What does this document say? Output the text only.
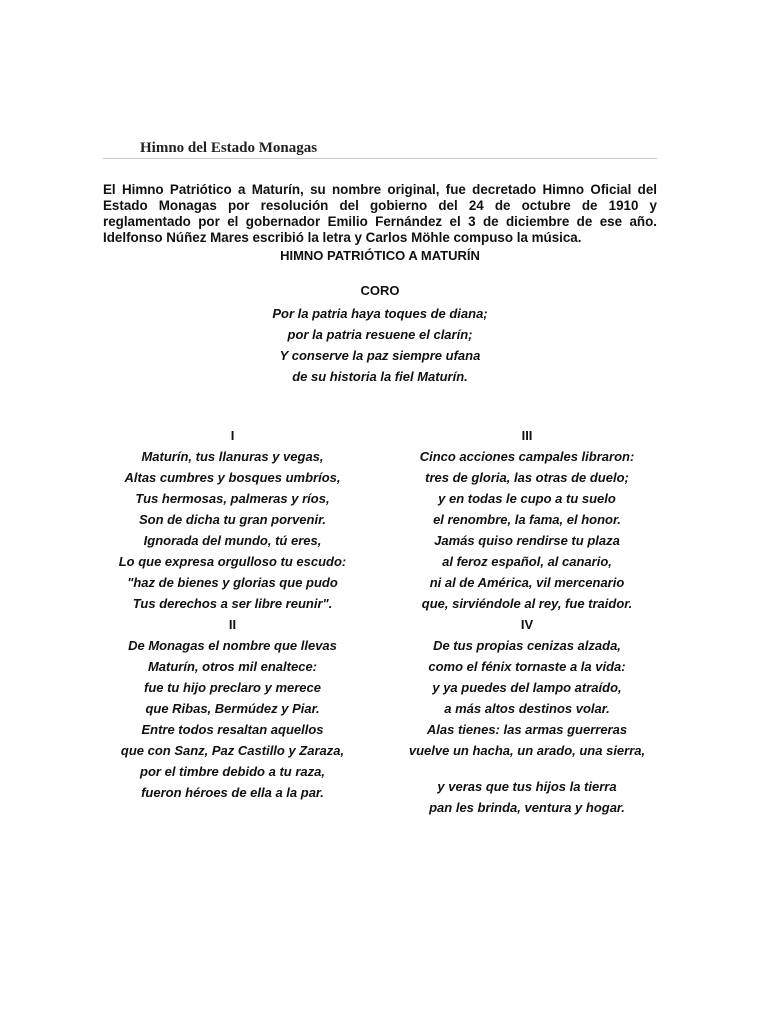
Himno del Estado Monagas

El Himno Patriótico a Maturín, su nombre original, fue decretado Himno Oficial del Estado Monagas por resolución del gobierno del 24 de octubre de 1910 y reglamentado por el gobernador Emilio Fernández el 3 de diciembre de ese año. Idelfonso Núñez Mares escribió la letra y Carlos Möhle compuso la música.

HIMNO PATRIÓTICO A MATURÍN
CORO
Por la patria haya toques de diana;
por la patria resuene el clarín;
Y conserve la paz siempre ufana
de su historia la fiel Maturín.

I

Maturín, tus llanuras y vegas,
Altas cumbres y bosques umbríos,
Tus hermosas, palmeras y ríos,
Son de dicha tu gran porvenir.
Ignorada del mundo, tú eres,
Lo que expresa orgulloso tu escudo:
"haz de bienes y glorias que pudo
Tus derechos a ser libre reunir".

II

De Monagas el nombre que llevas
Maturín, otros mil enaltece:
fue tu hijo preclaro y merece
que Ribas, Bermúdez y Piar.
Entre todos resaltan aquellos
que con Sanz, Paz Castillo y Zaraza,
por el timbre debido a tu raza,
fueron héroes de ella a la par.

III

Cinco acciones campales libraron:
tres de gloria, las otras de duelo;
y en todas le cupo a tu suelo
el renombre, la fama, el honor.
Jamás quiso rendirse tu plaza
al feroz español, al canario,
ni al de América, vil mercenario
que, sirviéndole al rey, fue traidor.

IV

De tus propias cenizas alzada,
como el fénix tornaste a la vida:
y ya puedes del lampo atraído,
a más altos destinos volar.
Alas tienes: las armas guerreras
vuelve un hacha, un arado, una sierra,
y veras que tus hijos la tierra
pan les brinda, ventura y hogar.
